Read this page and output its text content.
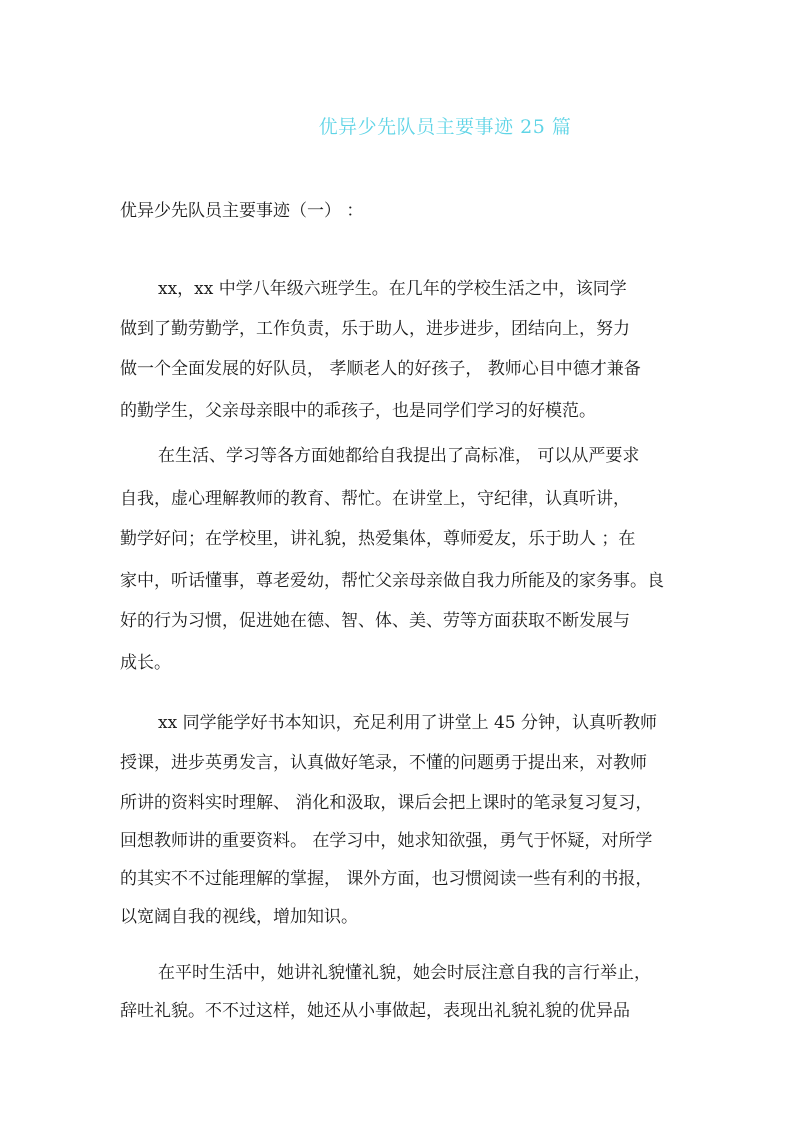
优异少先队员主要事迹 25 篇
优异少先队员主要事迹（一） ：
xx，xx 中学八年级六班学生。在几年的学校生活之中，该同学
做到了勤劳勤学，工作负责，乐于助人，进步进步，团结向上，努力
做一个全面发展的好队员， 孝顺老人的好孩子， 教师心目中德才兼备
的勤学生，父亲母亲眼中的乖孩子，也是同学们学习的好模范。
在生活、学习等各方面她都给自我提出了高标准， 可以从严要求
自我，虚心理解教师的教育、帮忙。在讲堂上，守纪律，认真听讲，
勤学好问；在学校里，讲礼貌，热爱集体，尊师爱友，乐于助人 ；在
家中，听话懂事，尊老爱幼，帮忙父亲母亲做自我力所能及的家务事。良
好的行为习惯，促进她在德、智、体、美、劳等方面获取不断发展与
成长。
xx 同学能学好书本知识，充足利用了讲堂上 45 分钟，认真听教师
授课，进步英勇发言，认真做好笔录，不懂的问题勇于提出来，对教师
所讲的资料实时理解、 消化和汲取，课后会把上课时的笔录复习复习，
回想教师讲的重要资料。 在学习中，她求知欲强，勇气于怀疑，对所学
的其实不不过能理解的掌握， 课外方面，也习惯阅读一些有利的书报，
以宽阔自我的视线，增加知识。
在平时生活中，她讲礼貌懂礼貌，她会时辰注意自我的言行举止，
辞吐礼貌。不不过这样，她还从小事做起，表现出礼貌礼貌的优异品
